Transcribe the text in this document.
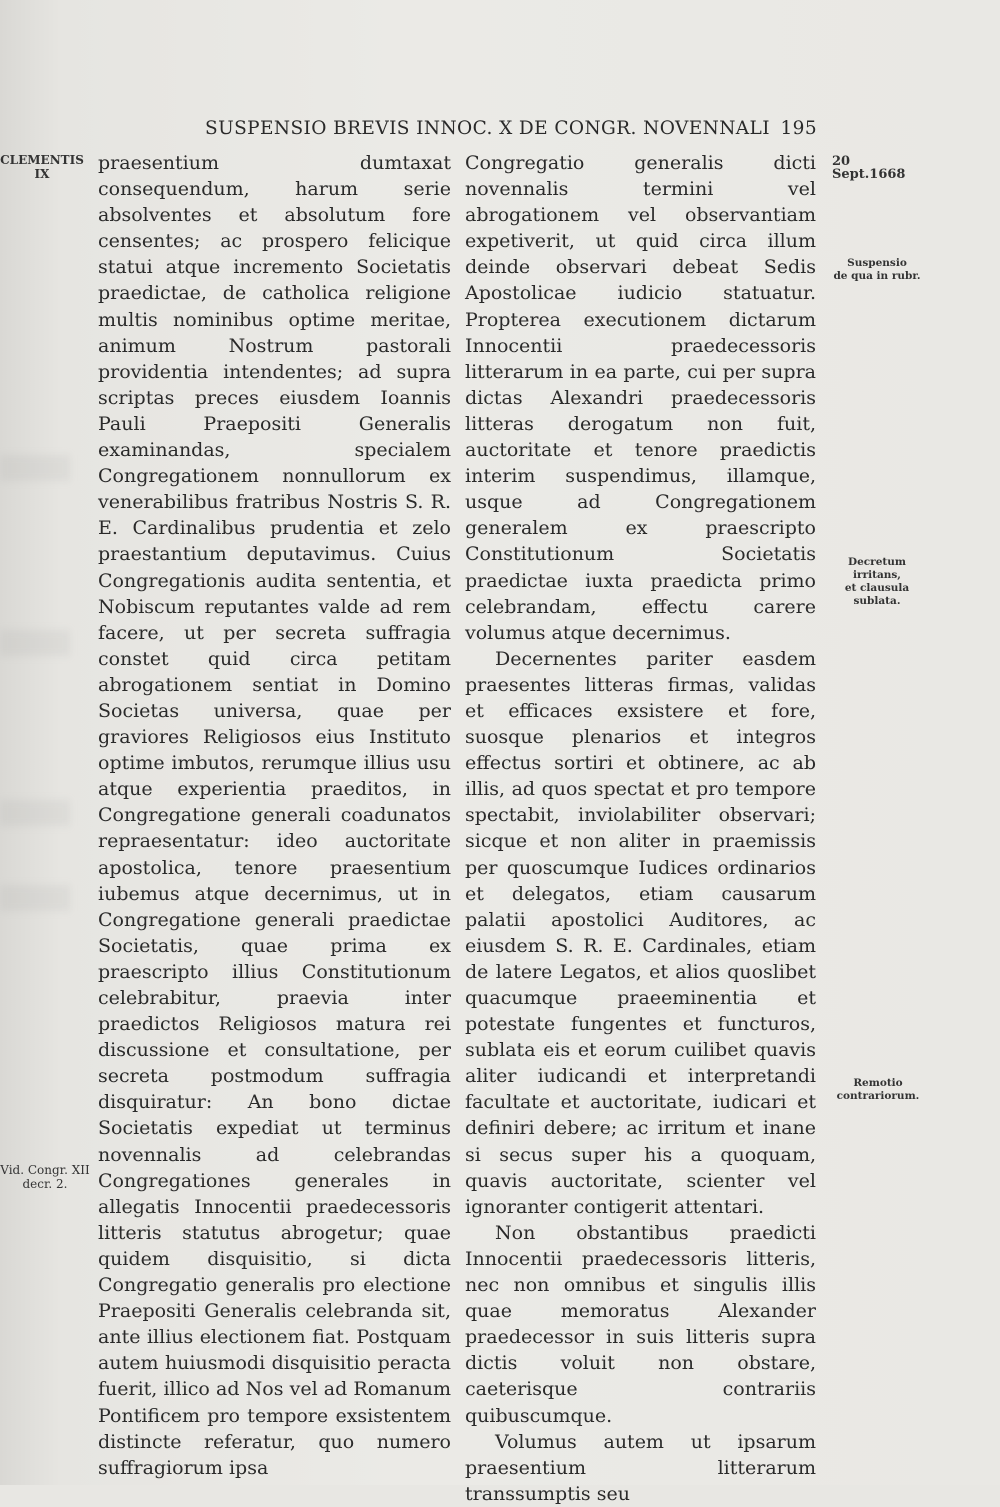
SUSPENSIO BREVIS INNOC. X DE CONGR. NOVENNALI 195
CLEMENTIS
IX
Vid. Congr. XII
decr. 2.

praesentium dumtaxat consequendum, harum serie absolventes et absolutum fore censentes; ac prospero felicique statui atque incremento Societatis praedictae, de catholica religione multis nominibus optime meritae, animum Nostrum pastorali providentia intendentes; ad supra scriptas preces eiusdem Ioannis Pauli Praepositi Generalis examinandas, specialem Congregationem nonnullorum ex venerabilibus fratribus Nostris S. R. E. Cardinalibus prudentia et zelo praestantium deputavimus. Cuius Congregationis audita sententia, et Nobiscum reputantes valde ad rem facere, ut per secreta suffragia constet quid circa petitam abrogationem sentiat in Domino Societas universa, quae per graviores Religiosos eius Instituto optime imbutos, rerumque illius usu atque experientia praeditos, in Congregatione generali coadunatos repraesentatur: ideo auctoritate apostolica, tenore praesentium iubemus atque decernimus, ut in Congregatione generali praedictae Societatis, quae prima ex praescripto illius Constitutionum celebrabitur, praevia inter praedictos Religiosos matura rei discussione et consultatione, per secreta postmodum suffragia disquiratur: An bono dictae Societatis expediat ut terminus novennalis ad celebrandas Congregationes generales in allegatis Innocentii praedecessoris litteris statutus abrogetur; quae quidem disquisitio, si dicta Congregatio generalis pro electione Praepositi Generalis celebranda sit, ante illius electionem fiat. Postquam autem huiusmodi disquisitio peracta fuerit, illico ad Nos vel ad Romanum Pontificem pro tempore exsistentem distincte referatur, quo numero suffragiorum ipsa

Congregatio generalis dicti novennalis termini vel abrogationem vel observantiam expetiverit, ut quid circa illum deinde observari debeat Sedis Apostolicae iudicio statuatur. Propterea executionem dictarum Innocentii praedecessoris litterarum in ea parte, cui per supra dictas Alexandri praedecessoris litteras derogatum non fuit, auctoritate et tenore praedictis interim suspendimus, illamque, usque ad Congregationem generalem ex praescripto Constitutionum Societatis praedictae iuxta praedicta primo celebrandam, effectu carere volumus atque decernimus.

Decernentes pariter easdem praesentes litteras firmas, validas et efficaces exsistere et fore, suosque plenarios et integros effectus sortiri et obtinere, ac ab illis, ad quos spectat et pro tempore spectabit, inviolabiliter observari; sicque et non aliter in praemissis per quoscumque Iudices ordinarios et delegatos, etiam causarum palatii apostolici Auditores, ac eiusdem S. R. E. Cardinales, etiam de latere Legatos, et alios quoslibet quacumque praeeminentia et potestate fungentes et functuros, sublata eis et eorum cuilibet quavis aliter iudicandi et interpretandi facultate et auctoritate, iudicari et definiri debere; ac irritum et inane si secus super his a quoquam, quavis auctoritate, scienter vel ignoranter contigerit attentari.

Non obstantibus praedicti Innocentii praedecessoris litteris, nec non omnibus et singulis illis quae memoratus Alexander praedecessor in suis litteris supra dictis voluit non obstare, caeterisque contrariis quibuscumque.

Volumus autem ut ipsarum praesentium litterarum transsumptis seu

20 Sept.1668
Suspensio
de qua in rubr.
Decretum
irritans,
et clausula
sublata.
Remotio
contrariorum.
